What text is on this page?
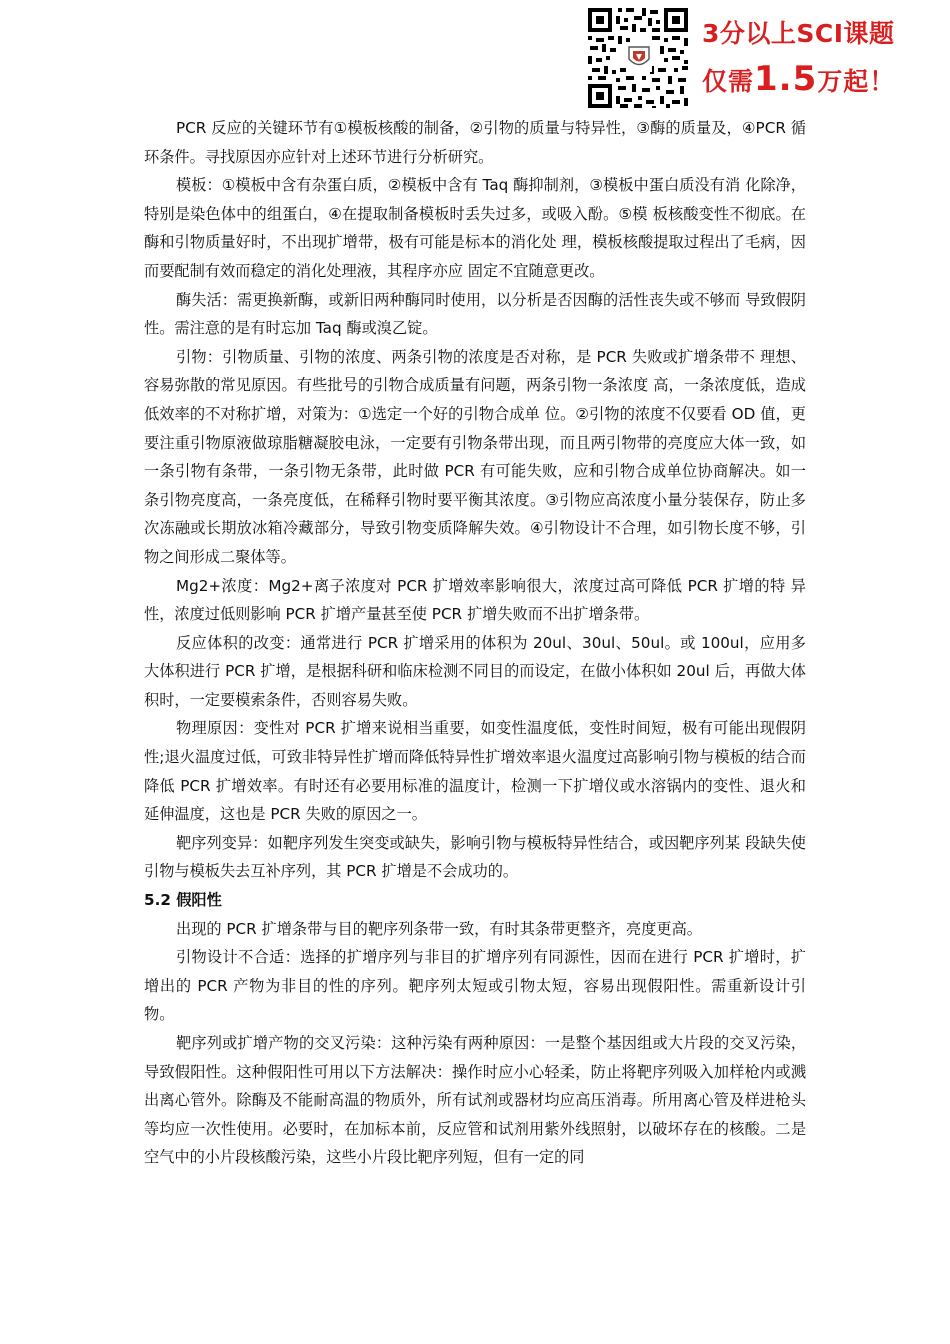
3分以上SCI课题
仅需1.5万起！

PCR 反应的关键环节有①模板核酸的制备，②引物的质量与特异性，③酶的质量及，④PCR 循环条件。寻找原因亦应针对上述环节进行分析研究。

模板：①模板中含有杂蛋白质，②模板中含有 Taq 酶抑制剂，③模板中蛋白质没有消 化除净，特别是染色体中的组蛋白，④在提取制备模板时丢失过多，或吸入酚。⑤模 板核酸变性不彻底。在酶和引物质量好时，不出现扩增带，极有可能是标本的消化处 理，模板核酸提取过程出了毛病，因而要配制有效而稳定的消化处理液，其程序亦应 固定不宜随意更改。

酶失活：需更换新酶，或新旧两种酶同时使用，以分析是否因酶的活性丧失或不够而 导致假阴性。需注意的是有时忘加 Taq 酶或溴乙锭。

引物：引物质量、引物的浓度、两条引物的浓度是否对称，是 PCR 失败或扩增条带不 理想、容易弥散的常见原因。有些批号的引物合成质量有问题，两条引物一条浓度 高，一条浓度低，造成低效率的不对称扩增，对策为：①选定一个好的引物合成单 位。②引物的浓度不仅要看 OD 值，更要注重引物原液做琼脂糖凝胶电泳，一定要有引物条带出现，而且两引物带的亮度应大体一致，如一条引物有条带，一条引物无条带，此时做 PCR 有可能失败，应和引物合成单位协商解决。如一条引物亮度高，一条亮度低，在稀释引物时要平衡其浓度。③引物应高浓度小量分装保存，防止多次冻融或长期放冰箱冷藏部分，导致引物变质降解失效。④引物设计不合理，如引物长度不够，引物之间形成二聚体等。

Mg2+浓度：Mg2+离子浓度对 PCR 扩增效率影响很大，浓度过高可降低 PCR 扩增的特 异性，浓度过低则影响 PCR 扩增产量甚至使 PCR 扩增失败而不出扩增条带。

反应体积的改变：通常进行 PCR 扩增采用的体积为 20ul、30ul、50ul。或 100ul，应用多 大体积进行 PCR 扩增，是根据科研和临床检测不同目的而设定，在做小体积如 20ul 后，再做大体积时，一定要模索条件，否则容易失败。

物理原因：变性对 PCR 扩增来说相当重要，如变性温度低，变性时间短，极有可能出现假阴性;退火温度过低，可致非特异性扩增而降低特异性扩增效率退火温度过高影响引物与模板的结合而降低 PCR 扩增效率。有时还有必要用标准的温度计，检测一下扩增仪或水溶锅内的变性、退火和延伸温度，这也是 PCR 失败的原因之一。

靶序列变异：如靶序列发生突变或缺失，影响引物与模板特异性结合，或因靶序列某 段缺失使引物与模板失去互补序列，其 PCR 扩增是不会成功的。

5.2 假阳性

出现的 PCR 扩增条带与目的靶序列条带一致，有时其条带更整齐，亮度更高。

引物设计不合适：选择的扩增序列与非目的扩增序列有同源性，因而在进行 PCR 扩增时，扩增出的 PCR 产物为非目的性的序列。靶序列太短或引物太短，容易出现假阳性。需重新设计引物。

靶序列或扩增产物的交叉污染：这种污染有两种原因：一是整个基因组或大片段的交叉污染，导致假阳性。这种假阳性可用以下方法解决：操作时应小心轻柔，防止将靶序列吸入加样枪内或溅出离心管外。除酶及不能耐高温的物质外，所有试剂或器材均应高压消毒。所用离心管及样进枪头等均应一次性使用。必要时，在加标本前，反应管和试剂用紫外线照射，以破坏存在的核酸。二是空气中的小片段核酸污染，这些小片段比靶序列短，但有一定的同
